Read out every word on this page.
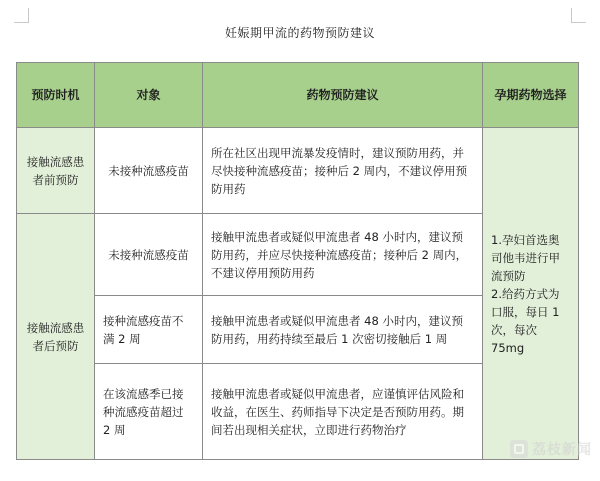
妊娠期甲流的药物预防建议
预防时机	对象	药物预防建议	孕期药物选择
接触流感患者前预防	未接种流感疫苗	所在社区出现甲流暴发疫情时，建议预防用药，并尽快接种流感疫苗；接种后 2 周内，不建议停用预防用药	1.孕妇首选奥司他韦进行甲流预防
2.给药方式为口服，每日 1 次，每次 75mg

接触流感患者后预防	未接种流感疫苗	接触甲流患者或疑似甲流患者 48 小时内，建议预防用药，并应尽快接种流感疫苗；接种后 2 周内，不建议停用预防用药	
	接种流感疫苗不满 2 周	接触甲流患者或疑似甲流患者 48 小时内，建议预防用药，用药持续至最后 1 次密切接触后 1 周	
	在该流感季已接种流感疫苗超过 2 周	接触甲流患者或疑似甲流患者，应谨慎评估风险和收益，在医生、药师指导下决定是否预防用药。期间若出现相关症状，立即进行药物治疗	
荔枝新闻
